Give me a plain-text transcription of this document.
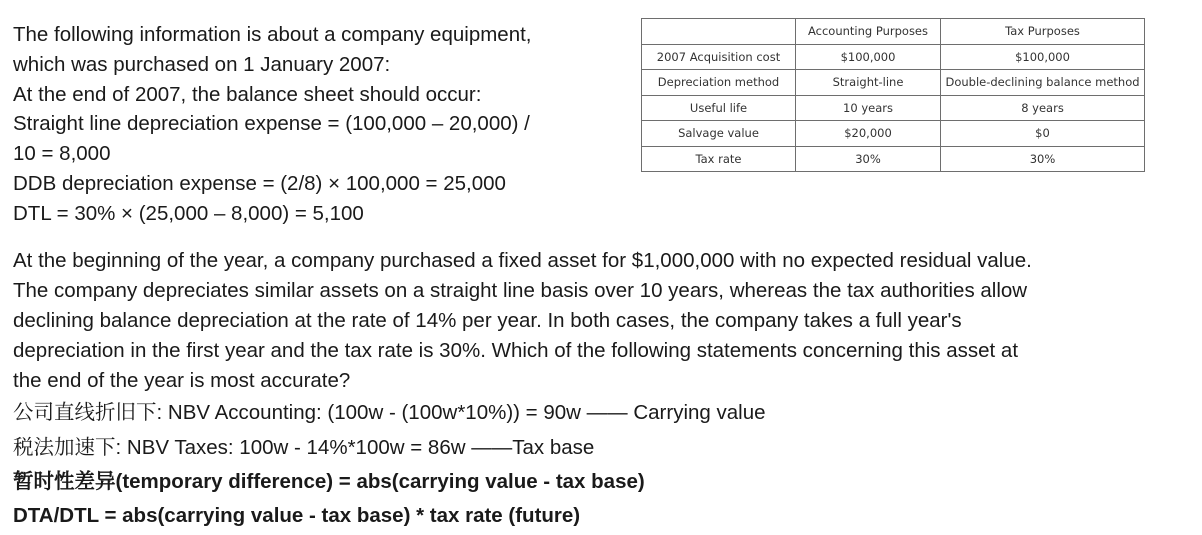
The following information is about a company equipment,
which was purchased on 1 January 2007:
At the end of 2007, the balance sheet should occur:
Straight line depreciation expense = (100,000 – 20,000) /
10 = 8,000
DDB depreciation expense = (2/8) × 100,000 = 25,000
DTL = 30% × (25,000 – 8,000) = 5,100
	Accounting Purposes	Tax Purposes
2007 Acquisition cost	$100,000	$100,000
Depreciation method	Straight-line	Double-declining balance method
Useful life	10 years	8 years
Salvage value	$20,000	$0
Tax rate	30%	30%
At the beginning of the year, a company purchased a fixed asset for $1,000,000 with no expected residual value.
The company depreciates similar assets on a straight line basis over 10 years, whereas the tax authorities allow
declining balance depreciation at the rate of 14% per year. In both cases, the company takes a full year's
depreciation in the first year and the tax rate is 30%. Which of the following statements concerning this asset at
the end of the year is most accurate?
公司直线折旧下: NBV Accounting: (100w - (100w*10%)) = 90w —— Carrying value
税法加速下: NBV Taxes: 100w - 14%*100w = 86w ——Tax base
暂时性差异(temporary difference) = abs(carrying value - tax base)
DTA/DTL = abs(carrying value - tax base) * tax rate (future)
